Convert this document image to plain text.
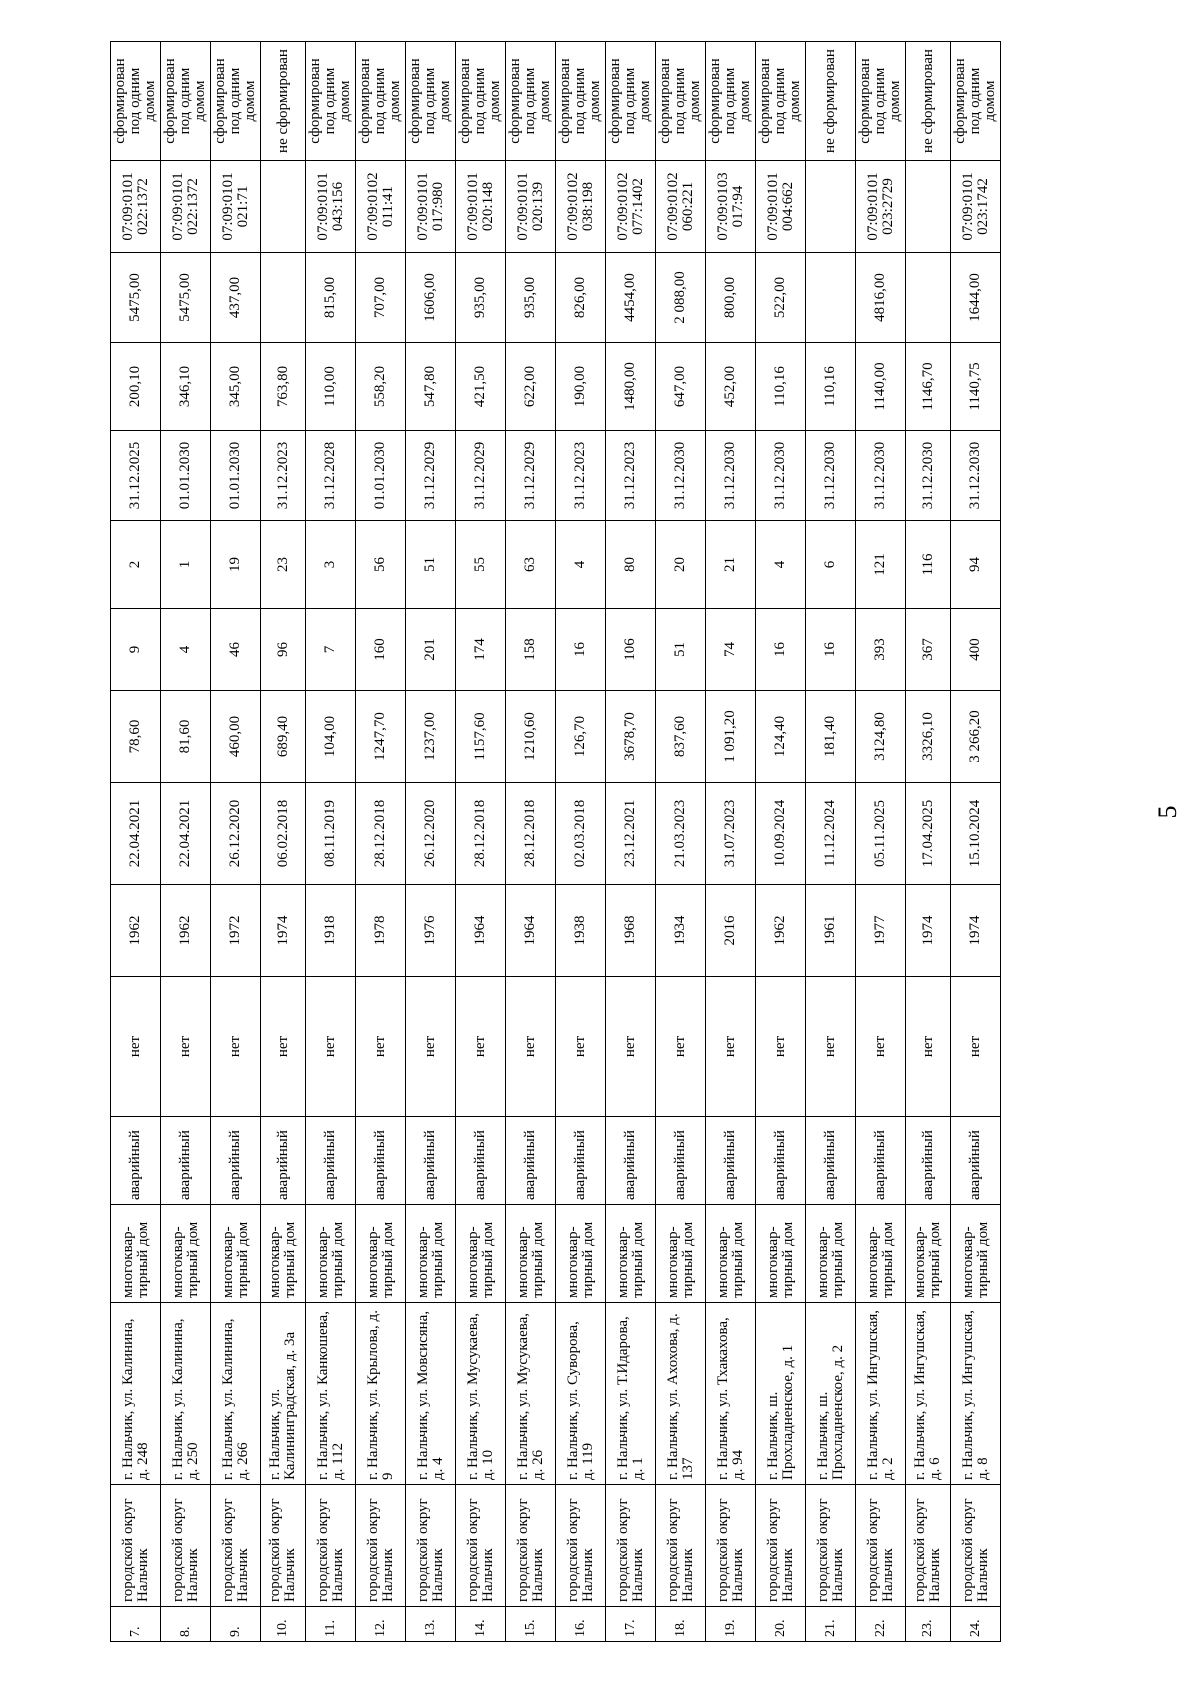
5
7.	городской округ Нальчик	г. Нальчик, ул. Калинина, д. 248	многоквар-тирный дом	аварийный	нет	1962	22.04.2021	78,60	9	2	31.12.2025	200,10	5475,00	07:09:0101 022:1372	сформирован под одним домом
8.	городской округ Нальчик	г. Нальчик, ул. Калинина, д. 250	многоквар-тирный дом	аварийный	нет	1962	22.04.2021	81,60	4	1	01.01.2030	346,10	5475,00	07:09:0101 022:1372	сформирован под одним домом
9.	городской округ Нальчик	г. Нальчик, ул. Калинина, д. 266	многоквар-тирный дом	аварийный	нет	1972	26.12.2020	460,00	46	19	01.01.2030	345,00	437,00	07:09:0101 021:71	сформирован под одним домом
10.	городской округ Нальчик	г. Нальчик, ул. Калининградская, д. 3а	многоквар-тирный дом	аварийный	нет	1974	06.02.2018	689,40	96	23	31.12.2023	763,80			не сформирован
11.	городской округ Нальчик	г. Нальчик, ул. Канкошева, д. 112	многоквар-тирный дом	аварийный	нет	1918	08.11.2019	104,00	7	3	31.12.2028	110,00	815,00	07:09:0101 043:156	сформирован под одним домом
12.	городской округ Нальчик	г. Нальчик, ул. Крылова, д. 9	многоквар-тирный дом	аварийный	нет	1978	28.12.2018	1247,70	160	56	01.01.2030	558,20	707,00	07:09:0102 011:41	сформирован под одним домом
13.	городской округ Нальчик	г. Нальчик, ул. Мовсисяна, д. 4	многоквар-тирный дом	аварийный	нет	1976	26.12.2020	1237,00	201	51	31.12.2029	547,80	1606,00	07:09:0101 017:980	сформирован под одним домом
14.	городской округ Нальчик	г. Нальчик, ул. Мусукаева, д. 10	многоквар-тирный дом	аварийный	нет	1964	28.12.2018	1157,60	174	55	31.12.2029	421,50	935,00	07:09:0101 020:148	сформирован под одним домом
15.	городской округ Нальчик	г. Нальчик, ул. Мусукаева, д. 26	многоквар-тирный дом	аварийный	нет	1964	28.12.2018	1210,60	158	63	31.12.2029	622,00	935,00	07:09:0101 020:139	сформирован под одним домом
16.	городской округ Нальчик	г. Нальчик, ул. Суворова, д. 119	многоквар-тирный дом	аварийный	нет	1938	02.03.2018	126,70	16	4	31.12.2023	190,00	826,00	07:09:0102 038:198	сформирован под одним домом
17.	городской округ Нальчик	г. Нальчик, ул. Т.Идарова, д. 1	многоквар-тирный дом	аварийный	нет	1968	23.12.2021	3678,70	106	80	31.12.2023	1480,00	4454,00	07:09:0102 077:1402	сформирован под одним домом
18.	городской округ Нальчик	г. Нальчик, ул. Ахохова, д. 137	многоквар-тирный дом	аварийный	нет	1934	21.03.2023	837,60	51	20	31.12.2030	647,00	2 088,00	07:09:0102 060:221	сформирован под одним домом
19.	городской округ Нальчик	г. Нальчик, ул. Тхакахова, д. 94	многоквар-тирный дом	аварийный	нет	2016	31.07.2023	1 091,20	74	21	31.12.2030	452,00	800,00	07:09:0103 017:94	сформирован под одним домом
20.	городской округ Нальчик	г. Нальчик, ш. Прохладненское, д. 1	многоквар-тирный дом	аварийный	нет	1962	10.09.2024	124,40	16	4	31.12.2030	110,16	522,00	07:09:0101 004:662	сформирован под одним домом
21.	городской округ Нальчик	г. Нальчик, ш. Прохладненское, д. 2	многоквар-тирный дом	аварийный	нет	1961	11.12.2024	181,40	16	6	31.12.2030	110,16			не сформирован
22.	городской округ Нальчик	г. Нальчик, ул. Ингушская, д. 2	многоквар-тирный дом	аварийный	нет	1977	05.11.2025	3124,80	393	121	31.12.2030	1140,00	4816,00	07:09:0101 023:2729	сформирован под одним домом
23.	городской округ Нальчик	г. Нальчик, ул. Ингушская, д. 6	многоквар-тирный дом	аварийный	нет	1974	17.04.2025	3326,10	367	116	31.12.2030	1146,70			не сформирован
24.	городской округ Нальчик	г. Нальчик, ул. Ингушская, д. 8	многоквар-тирный дом	аварийный	нет	1974	15.10.2024	3 266,20	400	94	31.12.2030	1140,75	1644,00	07:09:0101 023:1742	сформирован под одним домом
